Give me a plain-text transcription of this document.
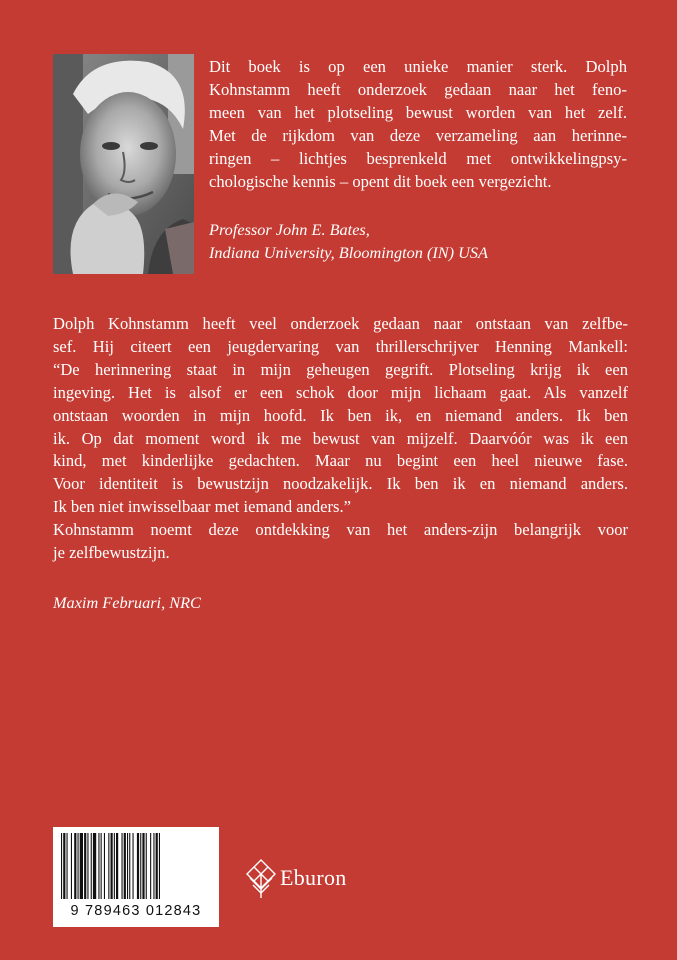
Dit boek is op een unieke manier sterk. Dolph
Kohnstamm heeft onderzoek gedaan naar het feno-
meen van het plotseling bewust worden van het zelf.
Met de rijkdom van deze verzameling aan herinne-
ringen – lichtjes besprenkeld met ontwikkelingpsy-
chologische kennis – opent dit boek een vergezicht.
Professor John E. Bates,
Indiana University, Bloomington (IN) USA
Dolph Kohnstamm heeft veel onderzoek gedaan naar ontstaan van zelfbe-
sef. Hij citeert een jeugdervaring van thrillerschrijver Henning Mankell:
“De herinnering staat in mijn geheugen gegrift. Plotseling krijg ik een
ingeving. Het is alsof er een schok door mijn lichaam gaat. Als vanzelf
ontstaan woorden in mijn hoofd. Ik ben ik, en niemand anders. Ik ben
ik. Op dat moment word ik me bewust van mijzelf. Daarvóór was ik een
kind, met kinderlijke gedachten. Maar nu begint een heel nieuwe fase.
Voor identiteit is bewustzijn noodzakelijk. Ik ben ik en niemand anders.
Ik ben niet inwisselbaar met iemand anders.”
Kohnstamm noemt deze ontdekking van het anders-zijn belangrijk voor
je zelfbewustzijn.
Maxim Februari, NRC
9 789463 012843
Eburon
